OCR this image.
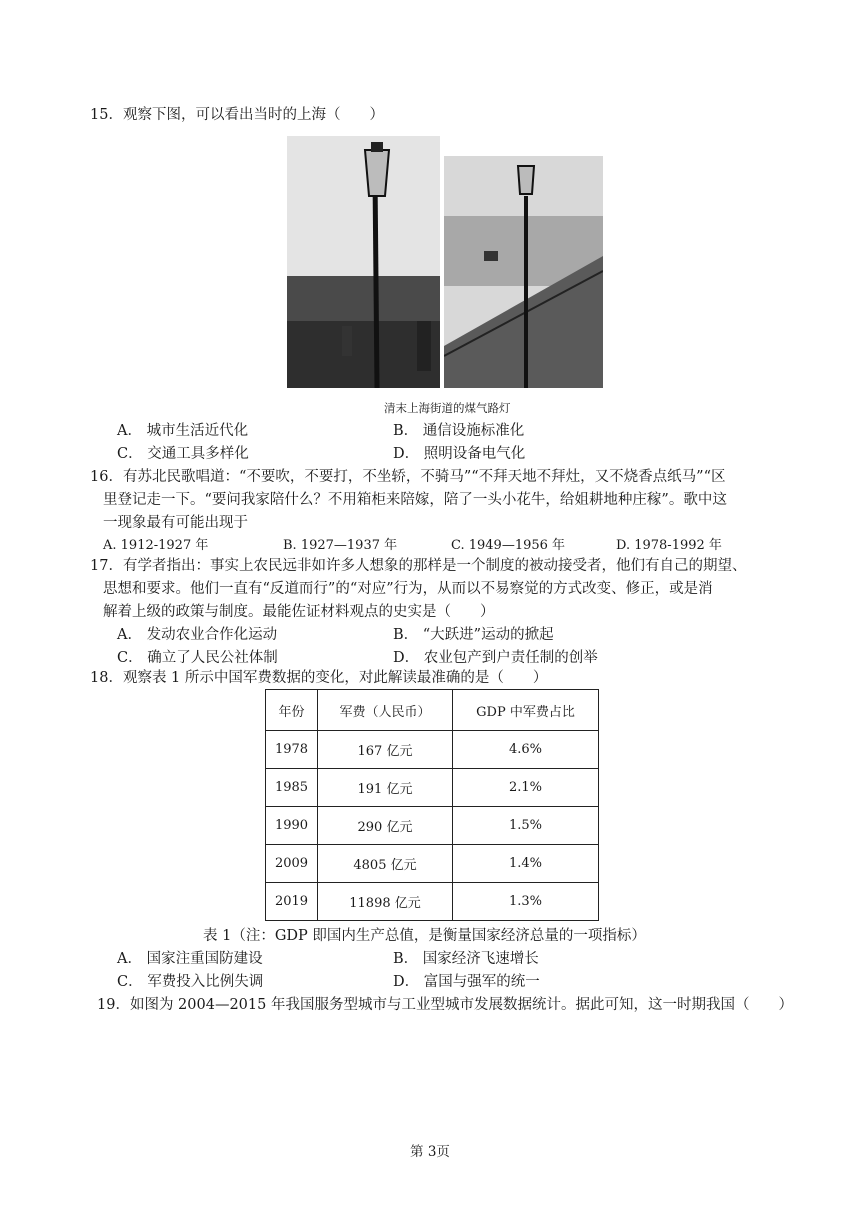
15．观察下图，可以看出当时的上海（　　）
清末上海街道的煤气路灯
A． 城市生活近代化	B． 通信设施标准化
C． 交通工具多样化	D． 照明设备电气化
16．有苏北民歌唱道：“不要吹，不要打，不坐轿，不骑马”“不拜天地不拜灶，又不烧香点纸马”“区
里登记走一下。“要问我家陪什么？不用箱柜来陪嫁，陪了一头小花牛，给姐耕地种庄稼”。歌中这
一现象最有可能出现于
A. 1912-1927 年	B. 1927—1937 年	C. 1949—1956 年	D. 1978-1992 年
17．有学者指出：事实上农民远非如许多人想象的那样是一个制度的被动接受者，他们有自己的期望、
思想和要求。他们一直有“反道而行”的“对应”行为，从而以不易察觉的方式改变、修正，或是消
解着上级的政策与制度。最能佐证材料观点的史实是（　　）
A． 发动农业合作化运动	B． “大跃进”运动的掀起
C． 确立了人民公社体制	D． 农业包产到户责任制的创举
18．观察表 1 所示中国军费数据的变化，对此解读最准确的是（　　）
年份	军费（人民币）	GDP 中军费占比
1978	167 亿元	4.6%
1985	191 亿元	2.1%
1990	290 亿元	1.5%
2009	4805 亿元	1.4%
2019	11898 亿元	1.3%
表 1（注：GDP 即国内生产总值，是衡量国家经济总量的一项指标）
A． 国家注重国防建设	B． 国家经济飞速增长
C． 军费投入比例失调	D． 富国与强军的统一
19．如图为 2004—2015 年我国服务型城市与工业型城市发展数据统计。据此可知，这一时期我国（　　）
第 3页
